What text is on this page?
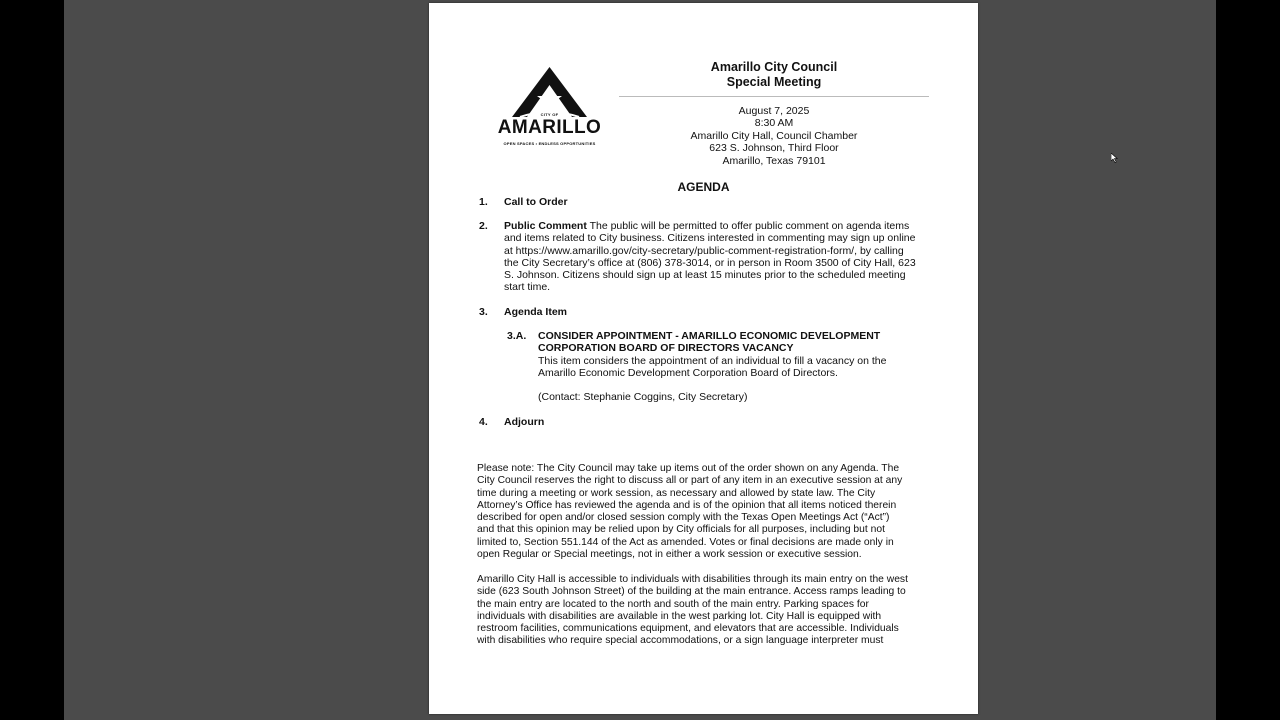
CITY OF
AMARILLO
OPEN SPACES • ENDLESS OPPORTUNITIES
Amarillo City Council
Special Meeting
August 7, 2025
8:30 AM
Amarillo City Hall, Council Chamber
623 S. Johnson, Third Floor
Amarillo, Texas 79101
AGENDA
1. Call to Order
2. Public Comment The public will be permitted to offer public comment on agenda items
and items related to City business. Citizens interested in commenting may sign up online
at https://www.amarillo.gov/city-secretary/public-comment-registration-form/, by calling
the City Secretary’s office at (806) 378-3014, or in person in Room 3500 of City Hall, 623
S. Johnson. Citizens should sign up at least 15 minutes prior to the scheduled meeting
start time.
3. Agenda Item
3.A. CONSIDER APPOINTMENT - AMARILLO ECONOMIC DEVELOPMENT
CORPORATION BOARD OF DIRECTORS VACANCY
This item considers the appointment of an individual to fill a vacancy on the
Amarillo Economic Development Corporation Board of Directors.
(Contact: Stephanie Coggins, City Secretary)
4. Adjourn
Please note: The City Council may take up items out of the order shown on any Agenda. The
City Council reserves the right to discuss all or part of any item in an executive session at any
time during a meeting or work session, as necessary and allowed by state law. The City
Attorney’s Office has reviewed the agenda and is of the opinion that all items noticed therein
described for open and/or closed session comply with the Texas Open Meetings Act (“Act”)
and that this opinion may be relied upon by City officials for all purposes, including but not
limited to, Section 551.144 of the Act as amended. Votes or final decisions are made only in
open Regular or Special meetings, not in either a work session or executive session.
Amarillo City Hall is accessible to individuals with disabilities through its main entry on the west
side (623 South Johnson Street) of the building at the main entrance. Access ramps leading to
the main entry are located to the north and south of the main entry. Parking spaces for
individuals with disabilities are available in the west parking lot. City Hall is equipped with
restroom facilities, communications equipment, and elevators that are accessible. Individuals
with disabilities who require special accommodations, or a sign language interpreter must
